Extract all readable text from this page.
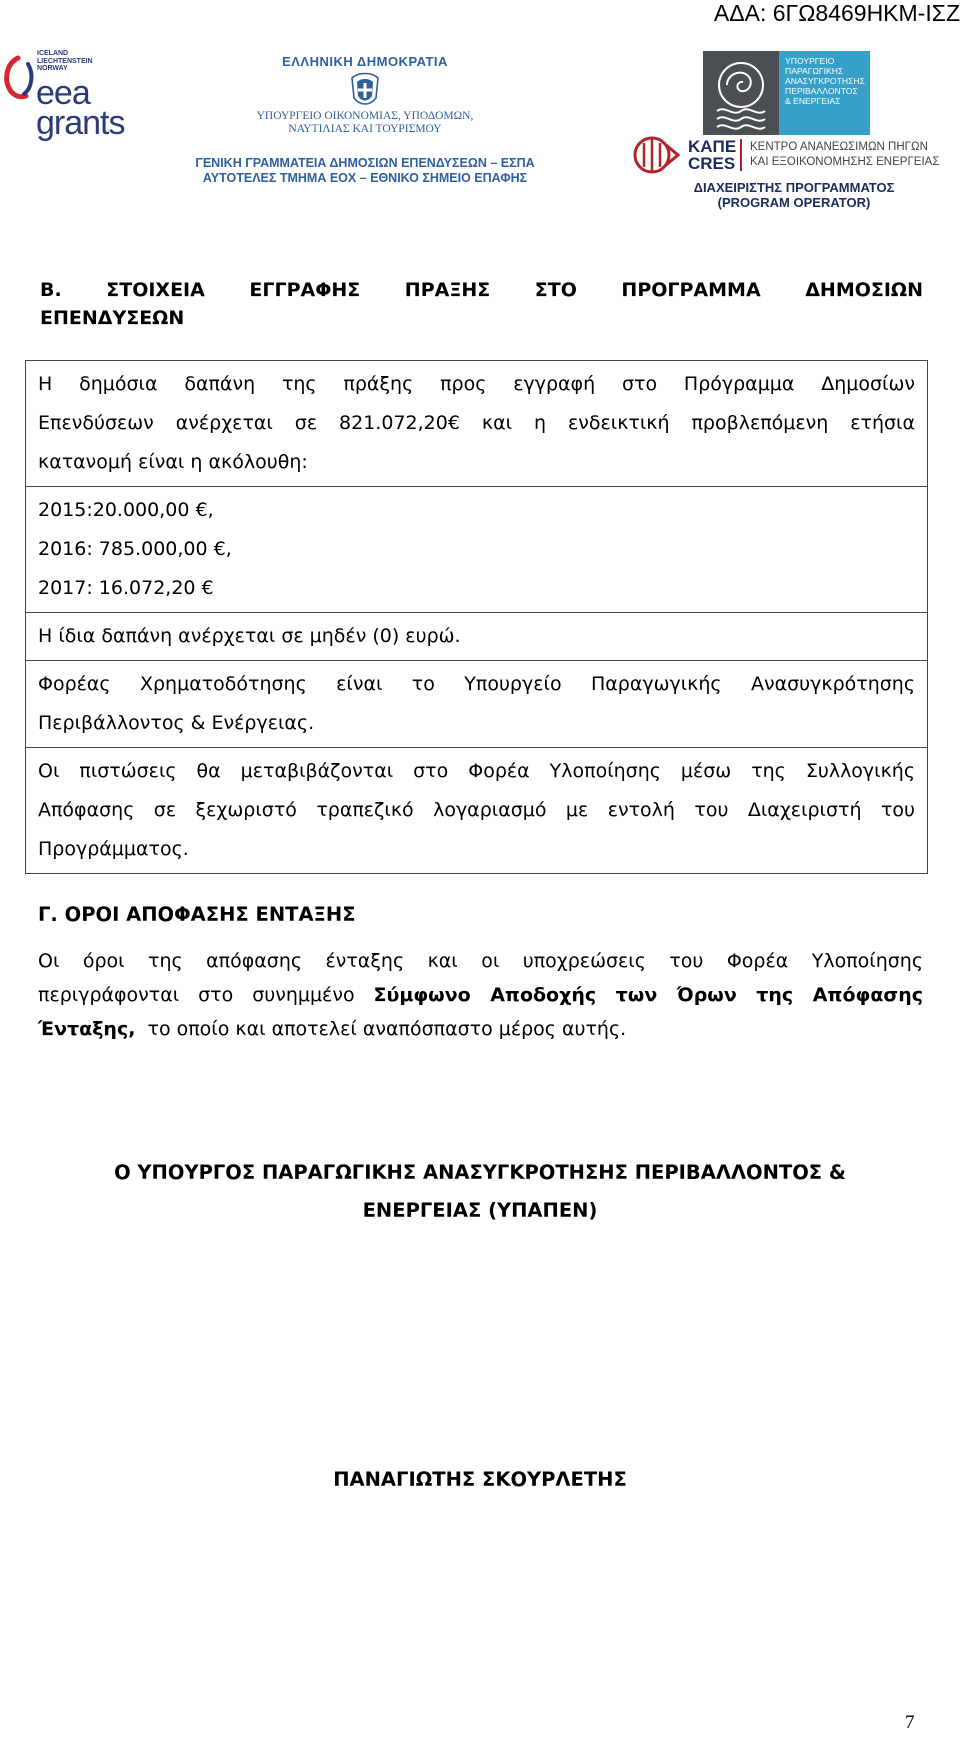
ΑΔΑ: 6ΓΩ8469ΗΚΜ-ΙΣΖ
ICELAND
LIECHTENSTEIN
NORWAY
eea
grants
ΕΛΛΗΝΙΚΗ ΔΗΜΟΚΡΑΤΙΑ
ΥΠΟΥΡΓΕΙΟ ΟΙΚΟΝΟΜΙΑΣ, ΥΠΟΔΟΜΩΝ,
ΝΑΥΤΙΛΙΑΣ ΚΑΙ ΤΟΥΡΙΣΜΟΥ
ΓΕΝΙΚΗ ΓΡΑΜΜΑΤΕΙΑ ΔΗΜΟΣΙΩΝ ΕΠΕΝΔΥΣΕΩΝ – ΕΣΠΑ
ΑΥΤΟΤΕΛΕΣ ΤΜΗΜΑ ΕΟΧ – ΕΘΝΙΚΟ ΣΗΜΕΙΟ ΕΠΑΦΗΣ
ΥΠΟΥΡΓΕΙΟ
ΠΑΡΑΓΩΓΙΚΗΣ
ΑΝΑΣΥΓΚΡΟΤΗΣΗΣ
ΠΕΡΙΒΑΛΛΟΝΤΟΣ
& ΕΝΕΡΓΕΙΑΣ
ΚΑΠΕ
CRES
ΚΕΝΤΡΟ ΑΝΑΝΕΩΣΙΜΩΝ ΠΗΓΩΝ
ΚΑΙ ΕΞΟΙΚΟΝΟΜΗΣΗΣ ΕΝΕΡΓΕΙΑΣ
ΔΙΑΧΕΙΡΙΣΤΗΣ ΠΡΟΓΡΑΜΜΑΤΟΣ
(PROGRAM OPERATOR)
Β. ΣΤΟΙΧΕΙΑ ΕΓΓΡΑΦΗΣ ΠΡΑΞΗΣ ΣΤΟ ΠΡΟΓΡΑΜΜΑ ΔΗΜΟΣΙΩΝ
ΕΠΕΝΔΥΣΕΩΝ

Η δημόσια δαπάνη της πράξης προς εγγραφή στο Πρόγραμμα Δημοσίων

Επενδύσεων ανέρχεται σε 821.072,20€ και η ενδεικτική προβλεπόμενη ετήσια

κατανομή είναι η ακόλουθη:

2015:20.000,00 €,

2016: 785.000,00 €,

2017: 16.072,20 €

Η ίδια δαπάνη ανέρχεται σε μηδέν (0) ευρώ.

Φορέας Χρηματοδότησης είναι το Υπουργείο Παραγωγικής Ανασυγκρότησης

Περιβάλλοντος & Ενέργειας.

Οι πιστώσεις θα μεταβιβάζονται στο Φορέα Υλοποίησης μέσω της Συλλογικής

Απόφασης σε ξεχωριστό τραπεζικό λογαριασμό με εντολή του Διαχειριστή του

Προγράμματος.

Γ. ΟΡΟΙ ΑΠΟΦΑΣΗΣ ΕΝΤΑΞΗΣ

Οι όροι της απόφασης ένταξης και οι υποχρεώσεις του Φορέα Υλοποίησης

περιγράφονται στο συνημμένο Σύμφωνο Αποδοχής των Όρων της Απόφασης

Ένταξης,  το οποίο και αποτελεί αναπόσπαστο μέρος αυτής.

Ο ΥΠΟΥΡΓΟΣ ΠΑΡΑΓΩΓΙΚΗΣ ΑΝΑΣΥΓΚΡΟΤΗΣΗΣ ΠΕΡΙΒΑΛΛΟΝΤΟΣ &
ΕΝΕΡΓΕΙΑΣ (ΥΠΑΠΕΝ)
ΠΑΝΑΓΙΩΤΗΣ ΣΚΟΥΡΛΕΤΗΣ
7
